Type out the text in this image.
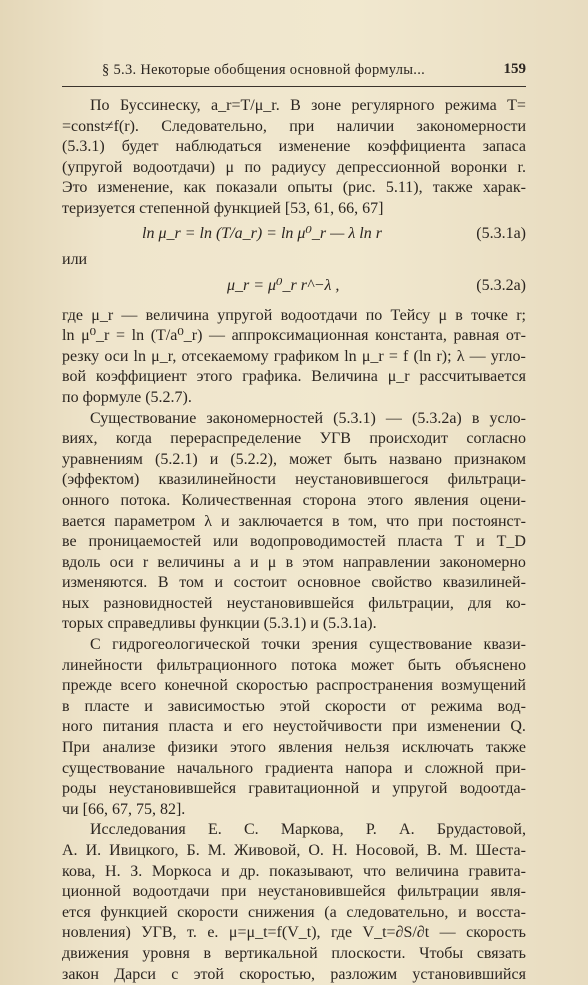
§ 5.3. Некоторые обобщения основной формулы...	159
По Буссинеску, a_r=T/μ_r. В зоне регулярного режима T=
=const≠f(r). Следовательно, при наличии закономерности
(5.3.1) будет наблюдаться изменение коэффициента запаса
(упругой водоотдачи) μ по радиусу депрессионной воронки r.
Это изменение, как показали опыты (рис. 5.11), также харак-
теризуется степенной функцией [53, 61, 66, 67]
ln μ_r = ln (T/a_r) = ln μ⁰_r — λ ln r	(5.3.1а)
или
μ_r = μ⁰_r r^−λ ,	(5.3.2а)
где μ_r — величина упругой водоотдачи по Тейсу μ в точке r;
ln μ⁰_r = ln (T/a⁰_r) — аппроксимационная константа, равная от-
резку оси ln μ_r, отсекаемому графиком ln μ_r = f (ln r); λ — угло-
вой коэффициент этого графика. Величина μ_r рассчитывается
по формуле (5.2.7).
Существование закономерностей (5.3.1) — (5.3.2а) в усло-
виях, когда перераспределение УГВ происходит согласно
уравнениям (5.2.1) и (5.2.2), может быть названо признаком
(эффектом) квазилинейности неустановившегося фильтраци-
онного потока. Количественная сторона этого явления оцени-
вается параметром λ и заключается в том, что при постоянст-
ве проницаемостей или водопроводимостей пласта T и T_D
вдоль оси r величины a и μ в этом направлении закономерно
изменяются. В том и состоит основное свойство квазилиней-
ных разновидностей неустановившейся фильтрации, для ко-
торых справедливы функции (5.3.1) и (5.3.1а).
С гидрогеологической точки зрения существование квази-
линейности фильтрационного потока может быть объяснено
прежде всего конечной скоростью распространения возмущений
в пласте и зависимостью этой скорости от режима вод-
ного питания пласта и его неустойчивости при изменении Q.
При анализе физики этого явления нельзя исключать также
существование начального градиента напора и сложной при-
роды неустановившейся гравитационной и упругой водоотда-
чи [66, 67, 75, 82].
Исследования Е. С. Маркова, Р. А. Брудастовой,
А. И. Ивицкого, Б. М. Живовой, О. Н. Носовой, В. М. Шеста-
кова, Н. З. Моркоса и др. показывают, что величина гравита-
ционной водоотдачи при неустановившейся фильтрации явля-
ется функцией скорости снижения (а следовательно, и восста-
новления) УГВ, т. е. μ=μ_t=f(V_t), где V_t=∂S/∂t — скорость
движения уровня в вертикальной плоскости. Чтобы связать
закон Дарси с этой скоростью, разложим установившийся
